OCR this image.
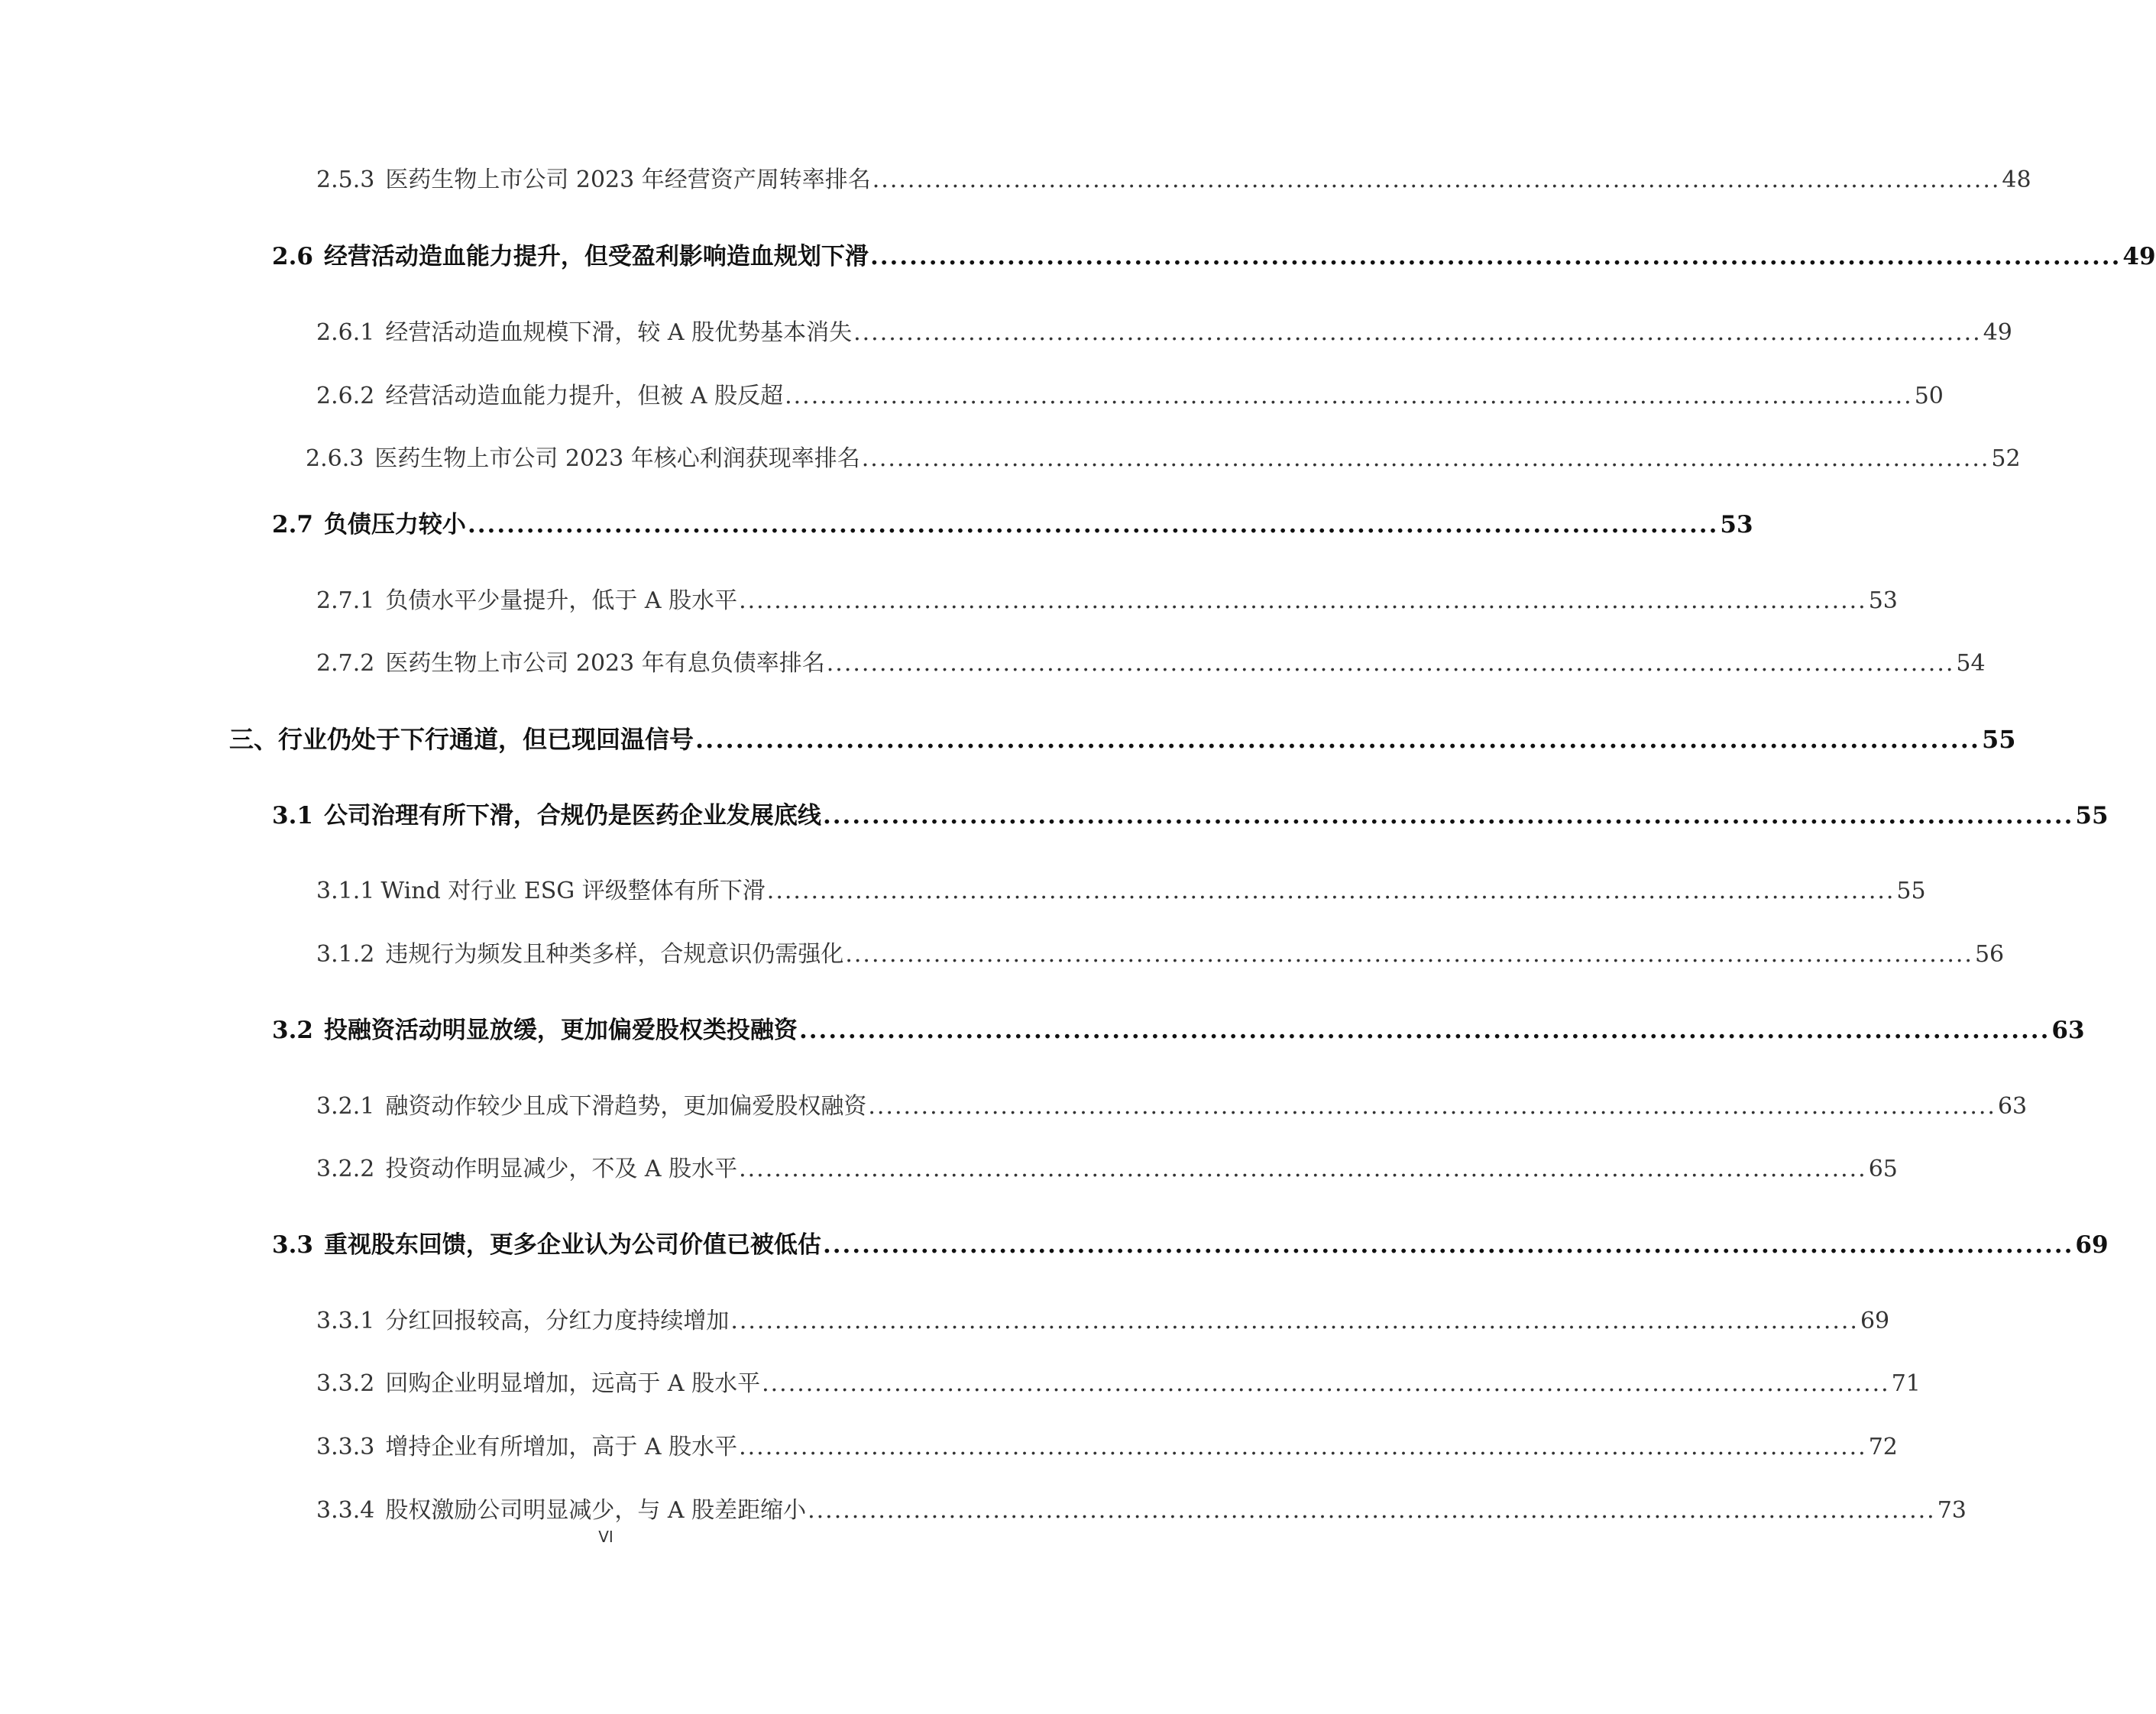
2.5.3 医药生物上市公司 2023 年经营资产周转率排名 ................................................................................................................................ 48
2.6 经营活动造血能力提升，但受盈利影响造血规划下滑 ................................................................................................................................ 49
2.6.1 经营活动造血规模下滑，较 A 股优势基本消失 ................................................................................................................................ 49
2.6.2 经营活动造血能力提升，但被 A 股反超 ................................................................................................................................ 50
2.6.3 医药生物上市公司 2023 年核心利润获现率排名 ................................................................................................................................ 52
2.7 负债压力较小 ................................................................................................................................ 53
2.7.1 负债水平少量提升，低于 A 股水平 ................................................................................................................................ 53
2.7.2 医药生物上市公司 2023 年有息负债率排名 ................................................................................................................................ 54
三、行业仍处于下行通道，但已现回温信号 ................................................................................................................................ 55
3.1 公司治理有所下滑，合规仍是医药企业发展底线 ................................................................................................................................ 55
3.1.1 Wind 对行业 ESG 评级整体有所下滑 ................................................................................................................................ 55
3.1.2 违规行为频发且种类多样，合规意识仍需强化 ................................................................................................................................ 56
3.2 投融资活动明显放缓，更加偏爱股权类投融资 ................................................................................................................................ 63
3.2.1 融资动作较少且成下滑趋势，更加偏爱股权融资 ................................................................................................................................ 63
3.2.2 投资动作明显减少，不及 A 股水平 ................................................................................................................................ 65
3.3 重视股东回馈，更多企业认为公司价值已被低估 ................................................................................................................................ 69
3.3.1 分红回报较高，分红力度持续增加 ................................................................................................................................ 69
3.3.2 回购企业明显增加，远高于 A 股水平 ................................................................................................................................ 71
3.3.3 增持企业有所增加，高于 A 股水平 ................................................................................................................................ 72
3.3.4 股权激励公司明显减少，与 A 股差距缩小 ................................................................................................................................ 73
VI
